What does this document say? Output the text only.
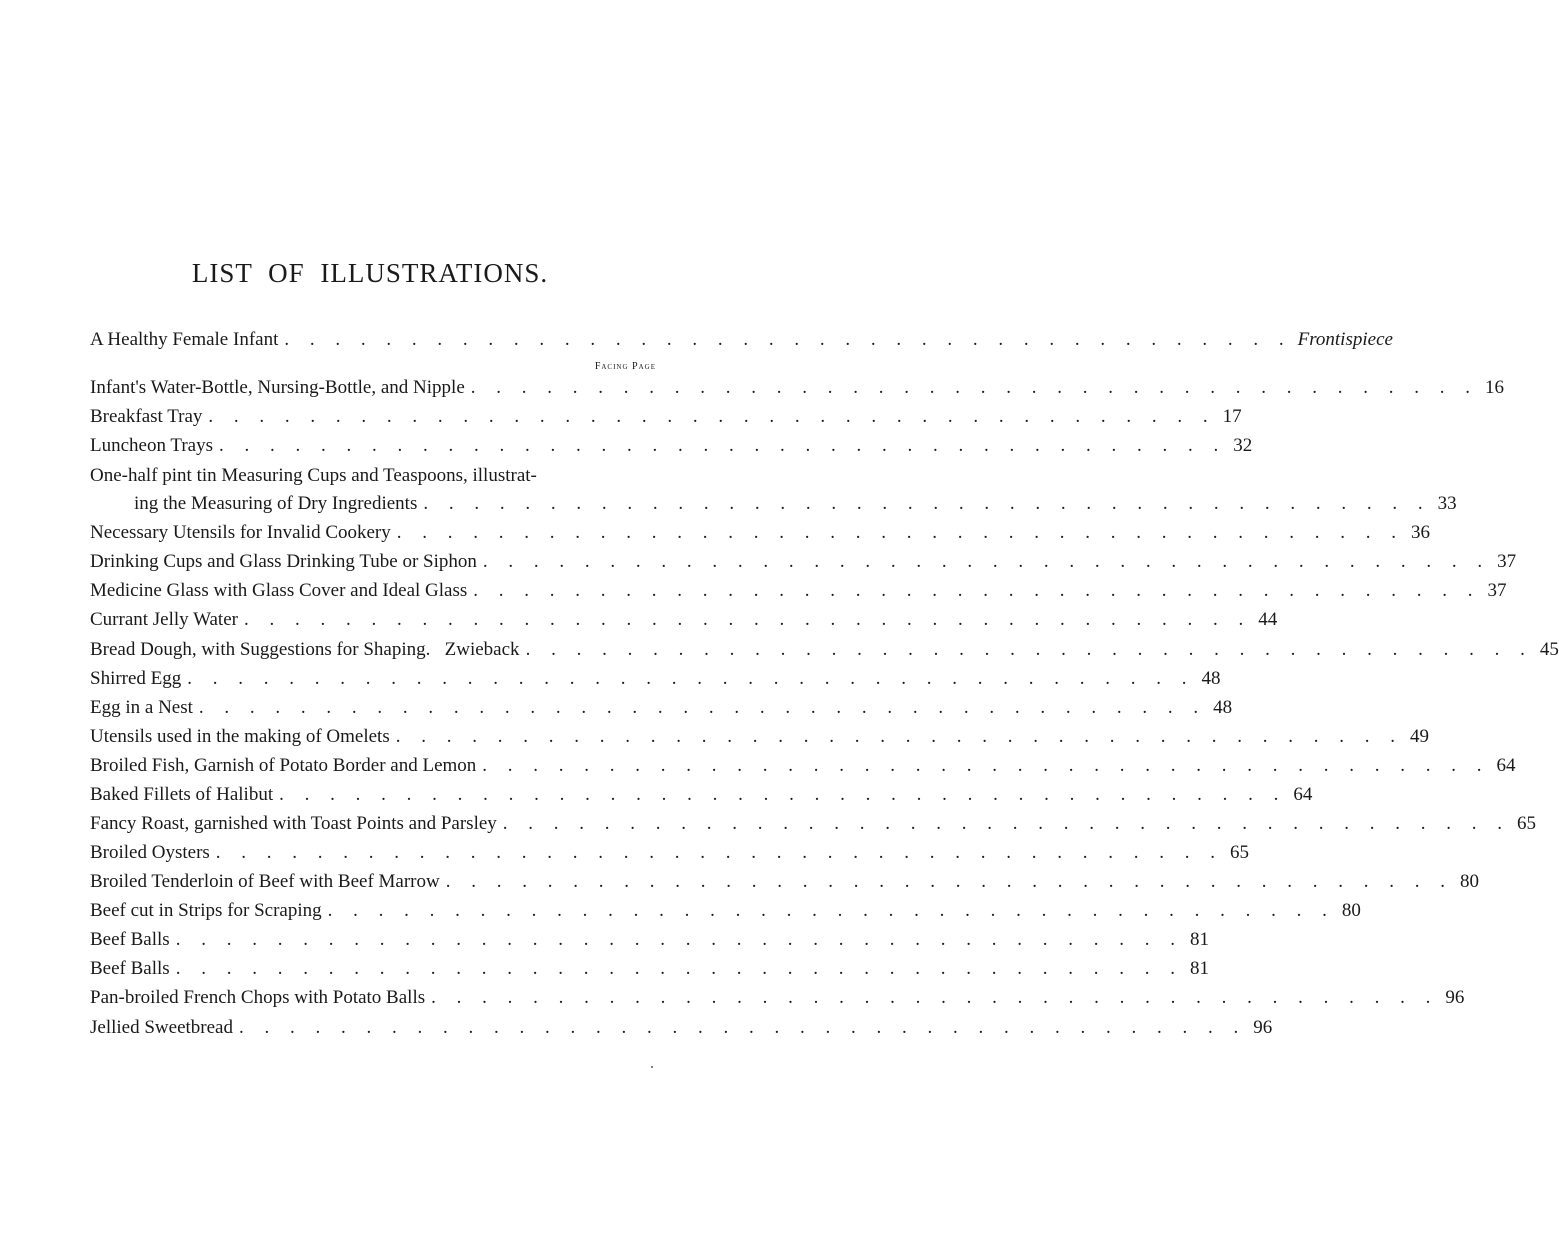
LIST OF ILLUSTRATIONS.
A Healthy Female Infant . . . . . . . . . . . . . . . . . . . . . . . . . . . . . . . . . . . . . . . . Frontispiece
Facing Page
Infant's Water-Bottle, Nursing-Bottle, and Nipple . . . . . . . . . . . . . . . . . . . . . . . . . . . . . . . . . . . . . . . . 16
Breakfast Tray . . . . . . . . . . . . . . . . . . . . . . . . . . . . . . . . . . . . . . . . 17
Luncheon Trays . . . . . . . . . . . . . . . . . . . . . . . . . . . . . . . . . . . . . . . . 32
One-half pint tin Measuring Cups and Teaspoons, illustrat-
ing the Measuring of Dry Ingredients . . . . . . . . . . . . . . . . . . . . . . . . . . . . . . . . . . . . . . . . 33
Necessary Utensils for Invalid Cookery . . . . . . . . . . . . . . . . . . . . . . . . . . . . . . . . . . . . . . . . 36
Drinking Cups and Glass Drinking Tube or Siphon . . . . . . . . . . . . . . . . . . . . . . . . . . . . . . . . . . . . . . . . 37
Medicine Glass with Glass Cover and Ideal Glass . . . . . . . . . . . . . . . . . . . . . . . . . . . . . . . . . . . . . . . . 37
Currant Jelly Water . . . . . . . . . . . . . . . . . . . . . . . . . . . . . . . . . . . . . . . . 44
Bread Dough, with Suggestions for Shaping.   Zwieback . . . . . . . . . . . . . . . . . . . . . . . . . . . . . . . . . . . . . . . . 45
Shirred Egg . . . . . . . . . . . . . . . . . . . . . . . . . . . . . . . . . . . . . . . . 48
Egg in a Nest . . . . . . . . . . . . . . . . . . . . . . . . . . . . . . . . . . . . . . . . 48
Utensils used in the making of Omelets . . . . . . . . . . . . . . . . . . . . . . . . . . . . . . . . . . . . . . . . 49
Broiled Fish, Garnish of Potato Border and Lemon . . . . . . . . . . . . . . . . . . . . . . . . . . . . . . . . . . . . . . . . 64
Baked Fillets of Halibut . . . . . . . . . . . . . . . . . . . . . . . . . . . . . . . . . . . . . . . . 64
Fancy Roast, garnished with Toast Points and Parsley . . . . . . . . . . . . . . . . . . . . . . . . . . . . . . . . . . . . . . . . 65
Broiled Oysters . . . . . . . . . . . . . . . . . . . . . . . . . . . . . . . . . . . . . . . . 65
Broiled Tenderloin of Beef with Beef Marrow . . . . . . . . . . . . . . . . . . . . . . . . . . . . . . . . . . . . . . . . 80
Beef cut in Strips for Scraping . . . . . . . . . . . . . . . . . . . . . . . . . . . . . . . . . . . . . . . . 80
Beef Balls . . . . . . . . . . . . . . . . . . . . . . . . . . . . . . . . . . . . . . . . 81
Beef Balls . . . . . . . . . . . . . . . . . . . . . . . . . . . . . . . . . . . . . . . . 81
Pan-broiled French Chops with Potato Balls . . . . . . . . . . . . . . . . . . . . . . . . . . . . . . . . . . . . . . . . 96
Jellied Sweetbread . . . . . . . . . . . . . . . . . . . . . . . . . . . . . . . . . . . . . . . . 96
